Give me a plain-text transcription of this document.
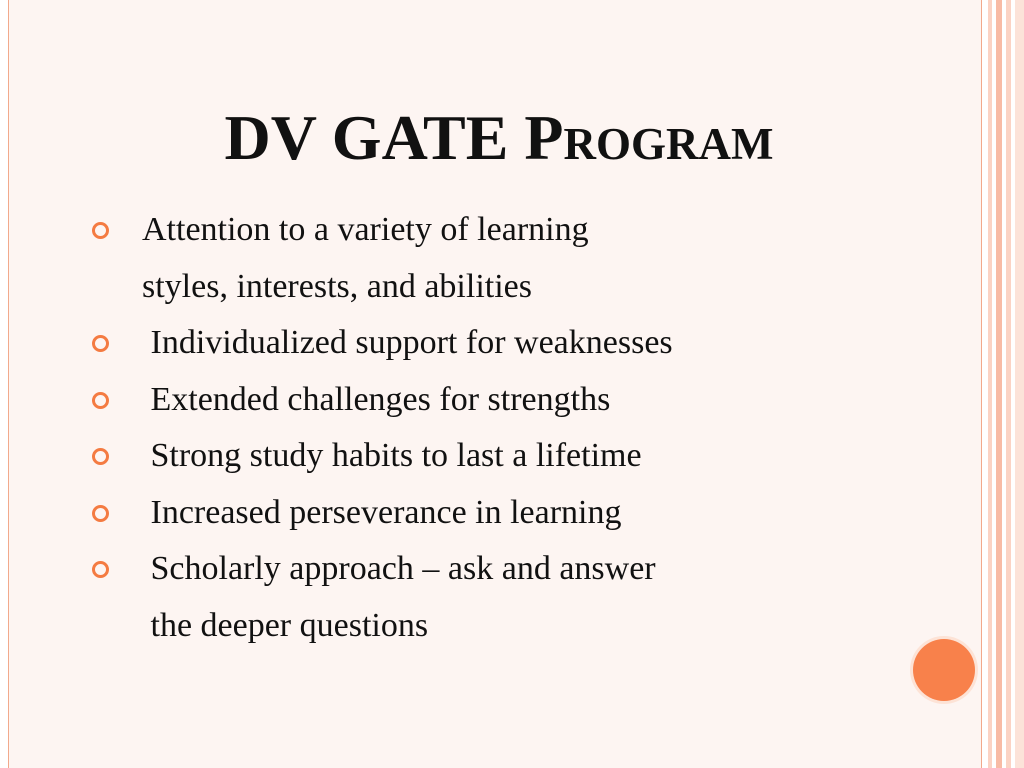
DV GATE Program
Attention to a variety of learning
styles, interests, and abilities
Individualized support for weaknesses
Extended challenges for strengths
Strong study habits to last a lifetime
Increased perseverance in learning
Scholarly approach – ask and answer
the deeper questions
